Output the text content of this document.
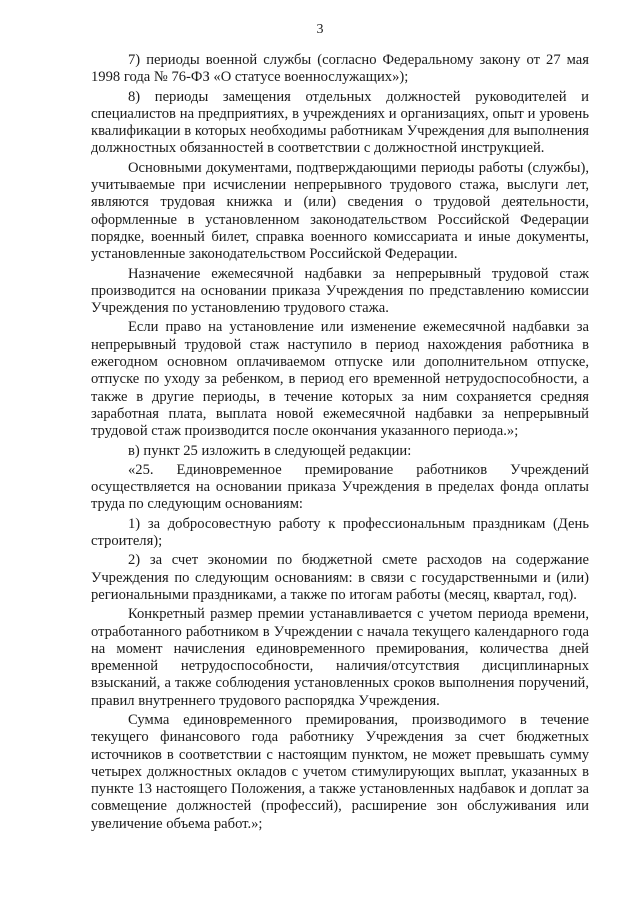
3

7) периоды военной службы (согласно Федеральному закону от 27 мая 1998 года № 76-ФЗ «О статусе военнослужащих»);

8) периоды замещения отдельных должностей руководителей и специалистов на предприятиях, в учреждениях и организациях, опыт и уровень квалификации в которых необходимы работникам Учреждения для выполнения должностных обязанностей в соответствии с должностной инструкцией.

Основными документами, подтверждающими периоды работы (службы), учитываемые при исчислении непрерывного трудового стажа, выслуги лет, являются трудовая книжка и (или) сведения о трудовой деятельности, оформленные в установленном законодательством Российской Федерации порядке, военный билет, справка военного комиссариата и иные документы, установленные законодательством Российской Федерации.

Назначение ежемесячной надбавки за непрерывный трудовой стаж производится на основании приказа Учреждения по представлению комиссии Учреждения по установлению трудового стажа.

Если право на установление или изменение ежемесячной надбавки за непрерывный трудовой стаж наступило в период нахождения работника в ежегодном основном оплачиваемом отпуске или дополнительном отпуске, отпуске по уходу за ребенком, в период его временной нетрудоспособности, а также в другие периоды, в течение которых за ним сохраняется средняя заработная плата, выплата новой ежемесячной надбавки за непрерывный трудовой стаж производится после окончания указанного периода.»;

в) пункт 25 изложить в следующей редакции:

«25. Единовременное премирование работников Учреждений осуществляется на основании приказа Учреждения в пределах фонда оплаты труда по следующим основаниям:

1) за добросовестную работу к профессиональным праздникам (День строителя);

2) за счет экономии по бюджетной смете расходов на содержание Учреждения по следующим основаниям: в связи с государственными и (или) региональными праздниками, а также по итогам работы (месяц, квартал, год).

Конкретный размер премии устанавливается с учетом периода времени, отработанного работником в Учреждении с начала текущего календарного года на момент начисления единовременного премирования, количества дней временной нетрудоспособности, наличия/отсутствия дисциплинарных взысканий, а также соблюдения установленных сроков выполнения поручений, правил внутреннего трудового распорядка Учреждения.

Сумма единовременного премирования, производимого в течение текущего финансового года работнику Учреждения за счет бюджетных источников в соответствии с настоящим пунктом, не может превышать сумму четырех должностных окладов с учетом стимулирующих выплат, указанных в пункте 13 настоящего Положения, а также установленных надбавок и доплат за совмещение должностей (профессий), расширение зон обслуживания или увеличение объема работ.»;
